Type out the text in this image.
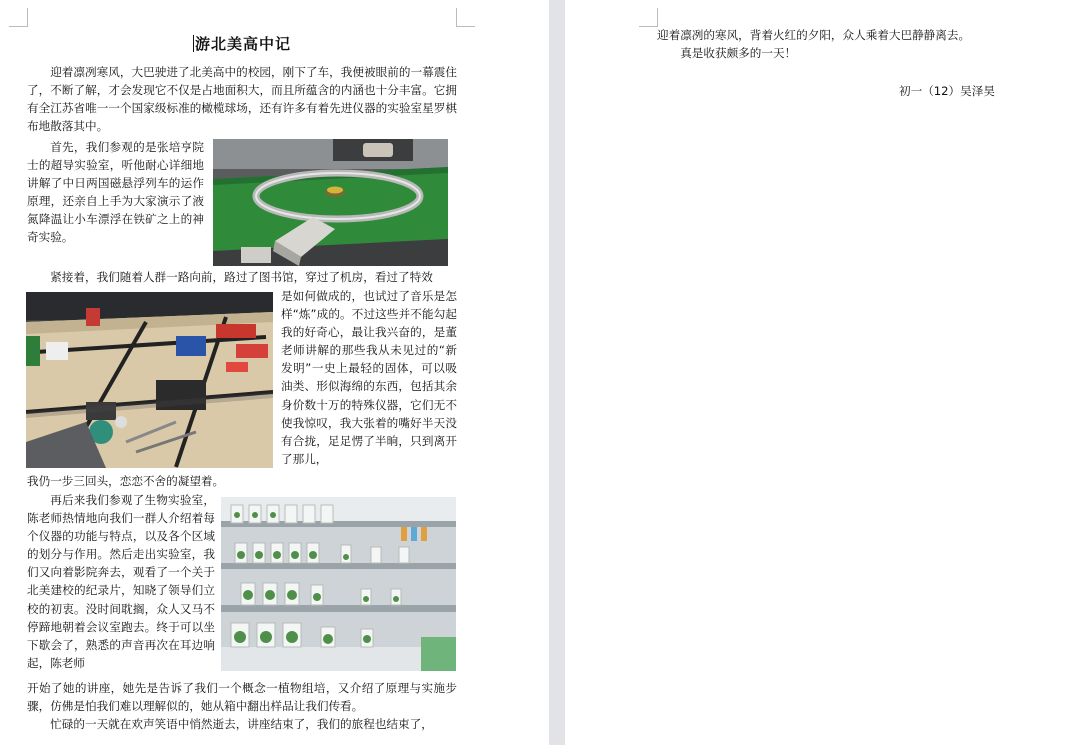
游北美高中记

迎着凛冽寒风，大巴驶进了北美高中的校园，刚下了车，我便被眼前的一幕震住了，不断了解，才会发现它不仅是占地面积大，而且所蕴含的内涵也十分丰富。它拥有全江苏省唯一一个国家级标准的橄榄球场，还有许多有着先进仪器的实验室星罗棋布地散落其中。

首先，我们参观的是张培亨院士的超导实验室，听他耐心详细地讲解了中日两国磁悬浮列车的运作原理，还亲自上手为大家演示了液氮降温让小车漂浮在铁矿之上的神奇实验。

紧接着，我们随着人群一路向前，路过了图书馆，穿过了机房，看过了特效

是如何做成的，也试过了音乐是怎样“炼”成的。不过这些并不能勾起我的好奇心，最让我兴奋的，是董老师讲解的那些我从未见过的“新发明”一史上最轻的固体，可以吸油类、形似海绵的东西，包括其余身价数十万的特殊仪器，它们无不使我惊叹，我大张着的嘴好半天没有合拢，足足愣了半晌，只到离开了那儿，

我仍一步三回头，恋恋不舍的凝望着。

再后来我们参观了生物实验室，陈老师热情地向我们一群人介绍着每个仪器的功能与特点，以及各个区域的划分与作用。然后走出实验室，我们又向着影院奔去，观看了一个关于北美建校的纪录片，知晓了领导们立校的初衷。没时间耽搁，众人又马不停蹄地朝着会议室跑去。终于可以坐下歇会了，熟悉的声音再次在耳边响起，陈老师

开始了她的讲座，她先是告诉了我们一个概念一植物组培，又介绍了原理与实施步骤，仿佛是怕我们难以理解似的，她从箱中翻出样品让我们传看。

忙碌的一天就在欢声笑语中悄然逝去，讲座结束了，我们的旅程也结束了，

迎着凛冽的寒风，背着火红的夕阳，众人乘着大巴静静离去。

真是收获颇多的一天！

初一（12）吴泽昊
